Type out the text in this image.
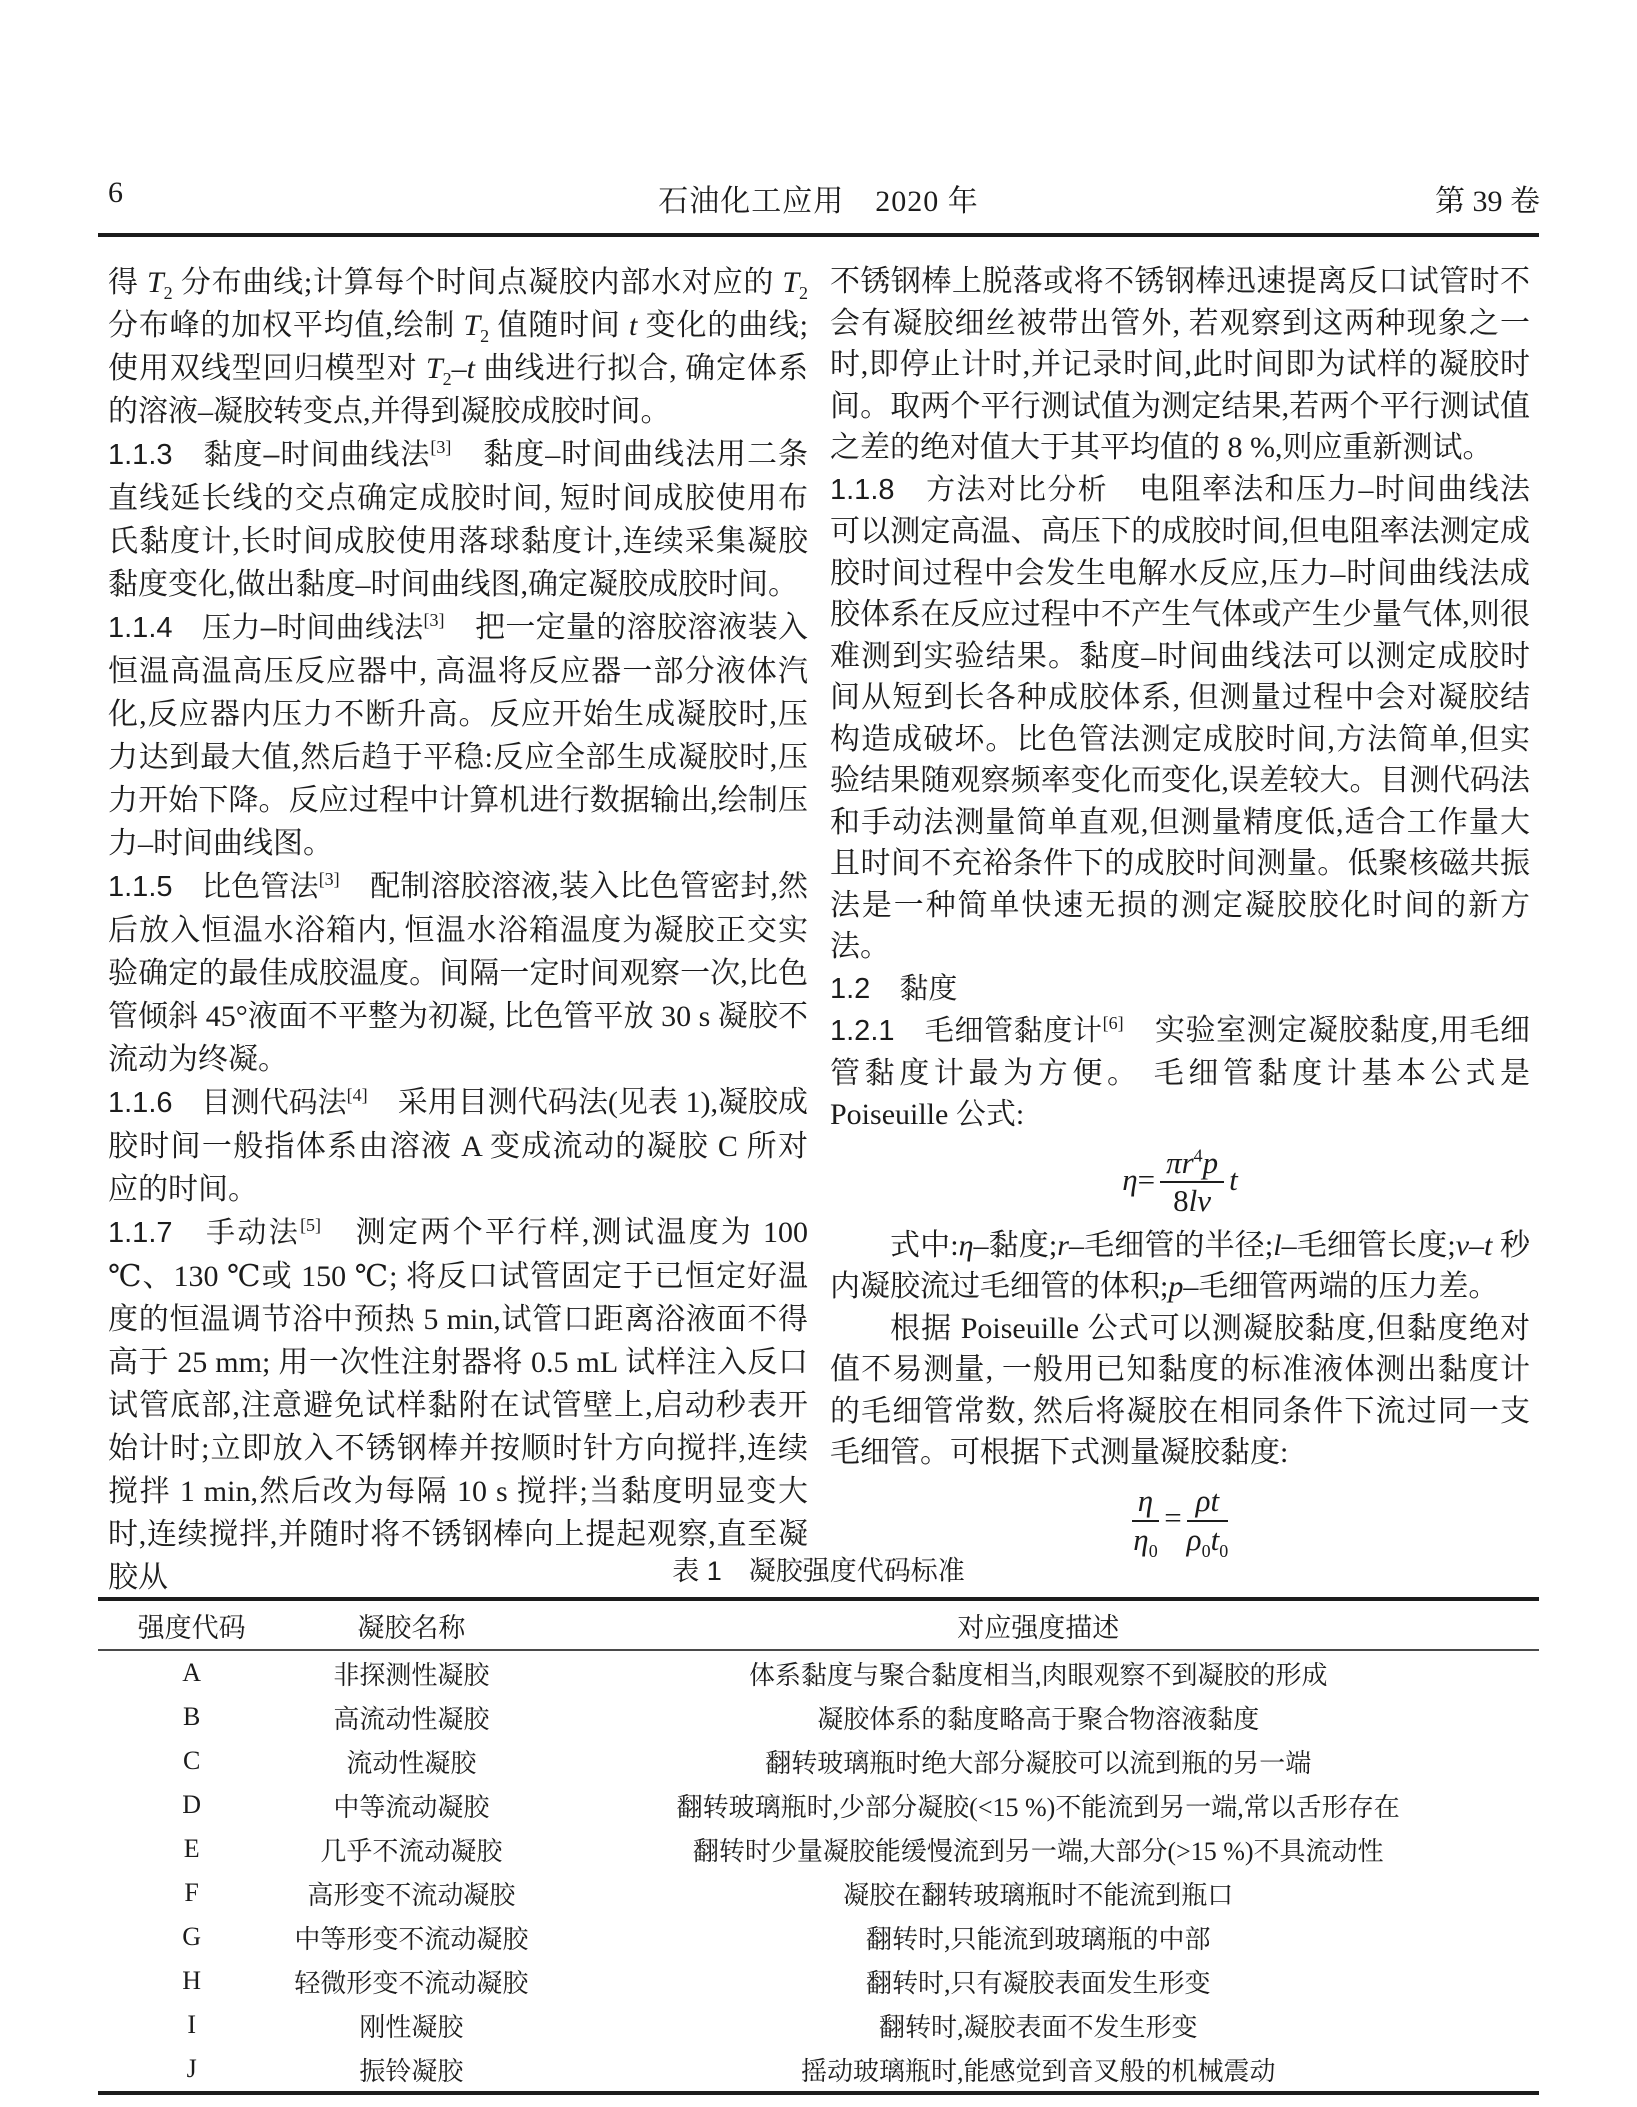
6	石油化工应用　2020 年	第 39 卷
得 $T_2$ 分布曲线;计算每个时间点凝胶内部水对应的 $T_2$ 分布峰的加权平均值,绘制 $T_2$ 值随时间 t 变化的曲线;使用双线型回归模型对 $T_2-t$ 曲线进行拟合, 确定体系的溶液–凝胶转变点,并得到凝胶成胶时间。
1.1.3　黏度–时间曲线法[3]　黏度–时间曲线法用二条直线延长线的交点确定成胶时间, 短时间成胶使用布氏黏度计,长时间成胶使用落球黏度计,连续采集凝胶黏度变化,做出黏度–时间曲线图,确定凝胶成胶时间。
1.1.4　压力–时间曲线法[3]　把一定量的溶胶溶液装入恒温高温高压反应器中, 高温将反应器一部分液体汽化,反应器内压力不断升高。反应开始生成凝胶时,压力达到最大值,然后趋于平稳:反应全部生成凝胶时,压力开始下降。反应过程中计算机进行数据输出,绘制压力–时间曲线图。
1.1.5　比色管法[3]　配制溶胶溶液,装入比色管密封,然后放入恒温水浴箱内, 恒温水浴箱温度为凝胶正交实验确定的最佳成胶温度。间隔一定时间观察一次,比色管倾斜 45°液面不平整为初凝, 比色管平放 30 s 凝胶不流动为终凝。
1.1.6　目测代码法[4]　采用目测代码法(见表 1),凝胶成胶时间一般指体系由溶液 A 变成流动的凝胶 C 所对应的时间。
1.1.7　手动法[5]　测定两个平行样,测试温度为 100 ℃、130 ℃或 150 ℃; 将反口试管固定于已恒定好温度的恒温调节浴中预热 5 min,试管口距离浴液面不得高于 25 mm; 用一次性注射器将 0.5 mL 试样注入反口试管底部,注意避免试样黏附在试管壁上,启动秒表开始计时;立即放入不锈钢棒并按顺时针方向搅拌,连续搅拌 1 min,然后改为每隔 10 s 搅拌;当黏度明显变大时,连续搅拌,并随时将不锈钢棒向上提起观察,直至凝胶从
不锈钢棒上脱落或将不锈钢棒迅速提离反口试管时不会有凝胶细丝被带出管外, 若观察到这两种现象之一时,即停止计时,并记录时间,此时间即为试样的凝胶时间。取两个平行测试值为测定结果,若两个平行测试值之差的绝对值大于其平均值的 8 %,则应重新测试。
1.1.8　方法对比分析　电阻率法和压力–时间曲线法可以测定高温、高压下的成胶时间,但电阻率法测定成胶时间过程中会发生电解水反应,压力–时间曲线法成胶体系在反应过程中不产生气体或产生少量气体,则很难测到实验结果。黏度–时间曲线法可以测定成胶时间从短到长各种成胶体系, 但测量过程中会对凝胶结构造成破坏。比色管法测定成胶时间,方法简单,但实验结果随观察频率变化而变化,误差较大。目测代码法和手动法测量简单直观,但测量精度低,适合工作量大且时间不充裕条件下的成胶时间测量。低聚核磁共振法是一种简单快速无损的测定凝胶胶化时间的新方法。
1.2　黏度
1.2.1　毛细管黏度计[6]　实验室测定凝胶黏度,用毛细管黏度计最为方便。 毛细管黏度计基本公式是 Poiseuille 公式:
$\eta= \frac{\pi r^4p}{8lv}$ t
式中:η–黏度;r–毛细管的半径;l–毛细管长度;v–t 秒内凝胶流过毛细管的体积;p–毛细管两端的压力差。
根据 Poiseuille 公式可以测凝胶黏度,但黏度绝对值不易测量, 一般用已知黏度的标准液体测出黏度计的毛细管常数, 然后将凝胶在相同条件下流过同一支毛细管。可根据下式测量凝胶黏度:
$\frac{\eta}{\eta_0} = \frac{\rho t}{\rho_0t_0}$
表 1　凝胶强度代码标准
强度代码	凝胶名称	对应强度描述
A	非探测性凝胶	体系黏度与聚合黏度相当,肉眼观察不到凝胶的形成
B	高流动性凝胶	凝胶体系的黏度略高于聚合物溶液黏度
C	流动性凝胶	翻转玻璃瓶时绝大部分凝胶可以流到瓶的另一端
D	中等流动凝胶	翻转玻璃瓶时,少部分凝胶(<15 %)不能流到另一端,常以舌形存在
E	几乎不流动凝胶	翻转时少量凝胶能缓慢流到另一端,大部分(>15 %)不具流动性
F	高形变不流动凝胶	凝胶在翻转玻璃瓶时不能流到瓶口
G	中等形变不流动凝胶	翻转时,只能流到玻璃瓶的中部
H	轻微形变不流动凝胶	翻转时,只有凝胶表面发生形变
I	刚性凝胶	翻转时,凝胶表面不发生形变
J	振铃凝胶	摇动玻璃瓶时,能感觉到音叉般的机械震动
